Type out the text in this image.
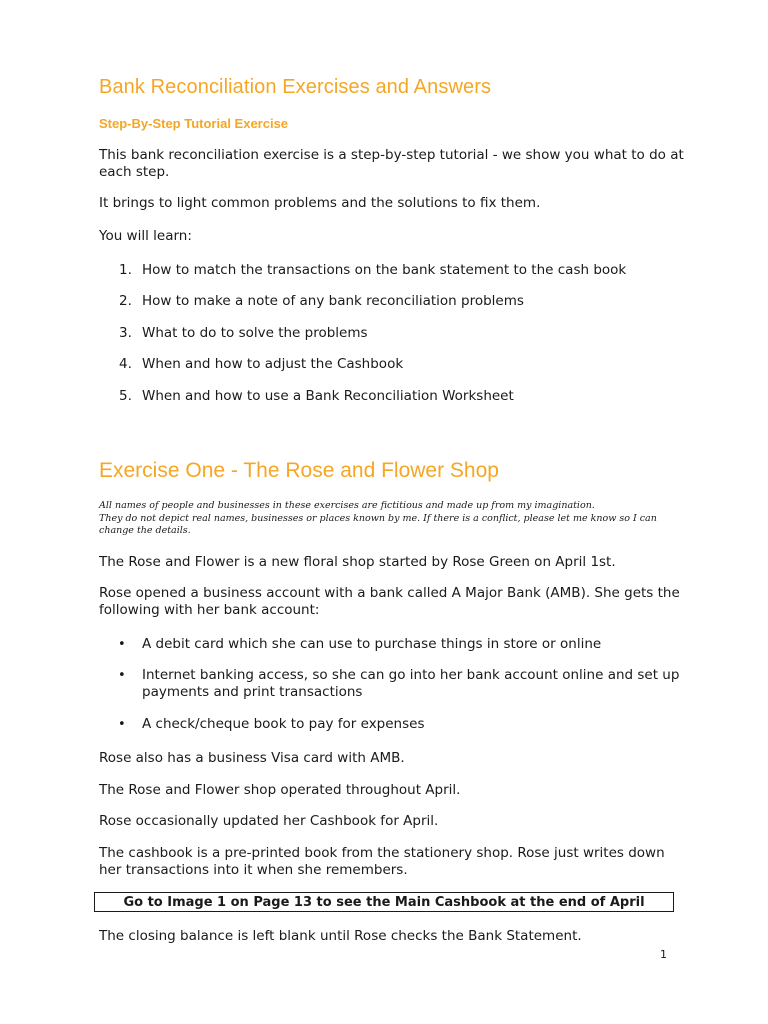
Bank Reconciliation Exercises and Answers
Step-By-Step Tutorial Exercise

This bank reconciliation exercise is a step-by-step tutorial - we show you what to do at each step.

It brings to light common problems and the solutions to fix them.

You will learn:

1. How to match the transactions on the bank statement to the cash book
2. How to make a note of any bank reconciliation problems
3. What to do to solve the problems
4. When and how to adjust the Cashbook
5. When and how to use a Bank Reconciliation Worksheet
Exercise One - The Rose and Flower Shop
All names of people and businesses in these exercises are fictitious and made up from my imagination.
They do not depict real names, businesses or places known by me. If there is a conflict, please let me know so I can change the details.

The Rose and Flower is a new floral shop started by Rose Green on April 1st.

Rose opened a business account with a bank called A Major Bank (AMB). She gets the following with her bank account:

• A debit card which she can use to purchase things in store or online
• Internet banking access, so she can go into her bank account online and set up payments and print transactions
• A check/cheque book to pay for expenses

Rose also has a business Visa card with AMB.

The Rose and Flower shop operated throughout April.

Rose occasionally updated her Cashbook for April.

The cashbook is a pre-printed book from the stationery shop. Rose just writes down her transactions into it when she remembers.

Go to Image 1 on Page 13 to see the Main Cashbook at the end of April

The closing balance is left blank until Rose checks the Bank Statement.

1
